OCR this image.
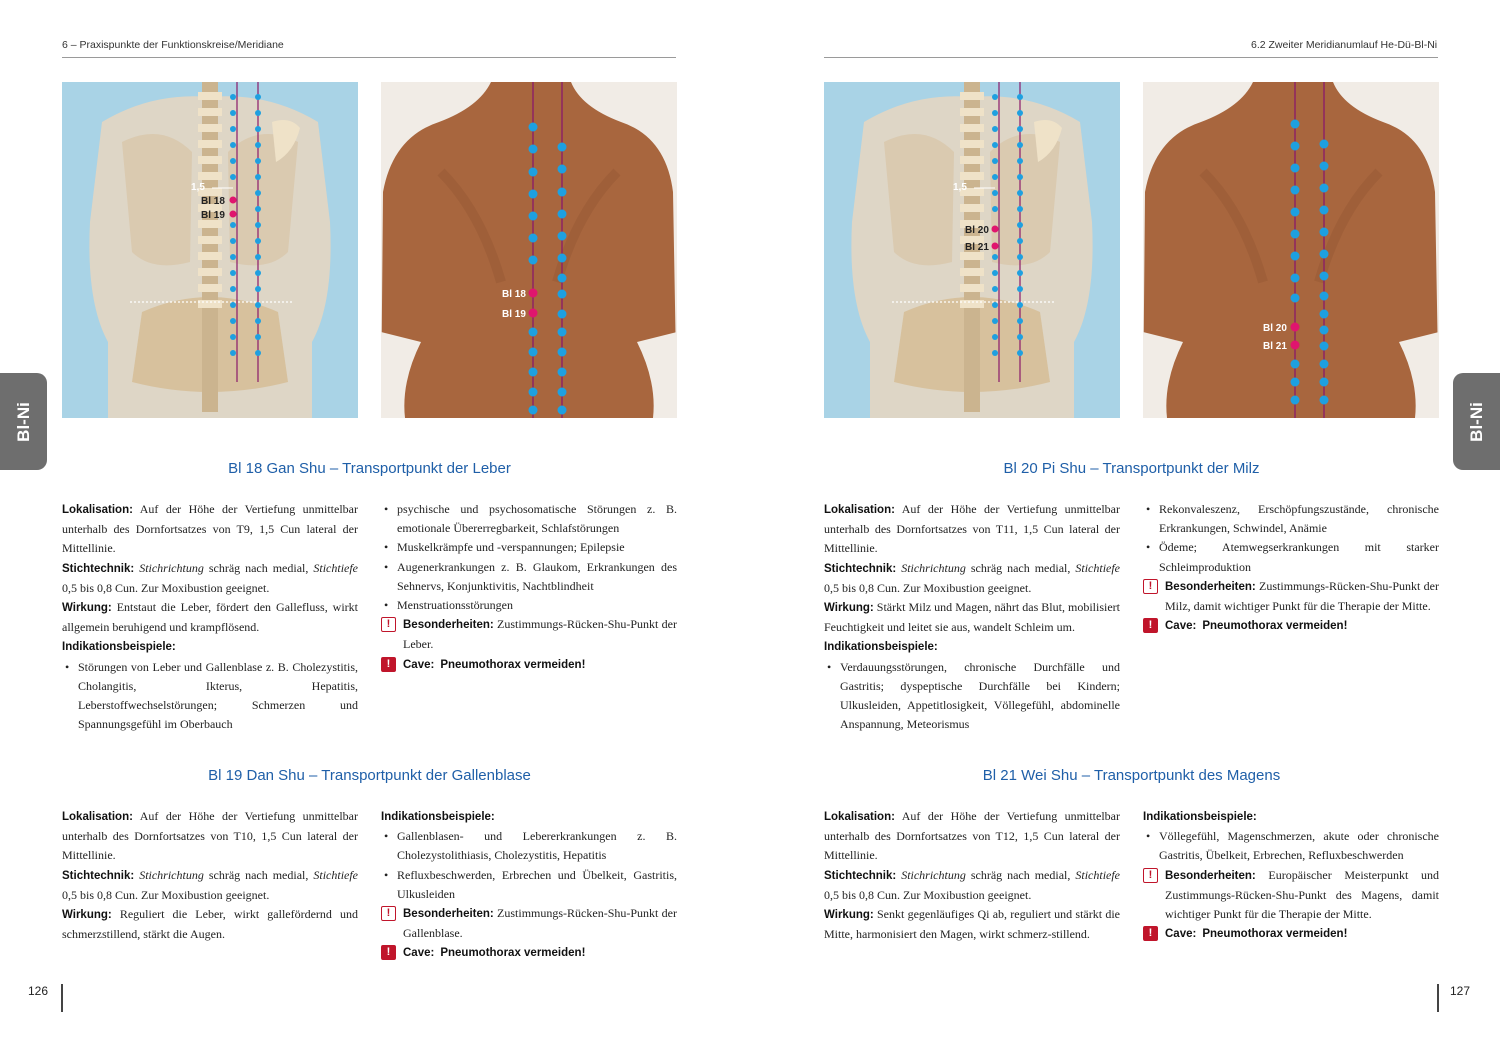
6 – Praxispunkte der Funktionskreise/Meridiane
1,5
Bl 18
Bl 19
Bl 18
Bl 19
Bl 18 Gan Shu – Transportpunkt der Leber

Lokalisation: Auf der Höhe der Vertiefung unmittelbar unterhalb des Dornfortsatzes von T9, 1,5 Cun lateral der Mittellinie.

Stichtechnik: Stichrichtung schräg nach medial, Stichtiefe 0,5 bis 0,8 Cun. Zur Moxibustion geeignet.

Wirkung: Entstaut die Leber, fördert den Gallefluss, wirkt allgemein beruhigend und krampflösend.

Indikationsbeispiele:

• Störungen von Leber und Gallenblase z. B. Cholezystitis, Cholangitis, Ikterus, Hepatitis, Leberstoffwechselstörungen; Schmerzen und Spannungsgefühl im Oberbauch
• psychische und psychosomatische Störungen z. B. emotionale Übererregbarkeit, Schlafstörungen
• Muskelkrämpfe und -verspannungen; Epilepsie
• Augenerkrankungen z. B. Glaukom, Erkrankungen des Sehnervs, Konjunktivitis, Nachtblindheit
• Menstruationsstörungen

!	Besonderheiten: Zustimmungs-Rücken-Shu-Punkt der Leber.

!	Cave: Pneumothorax vermeiden!

Bl 19 Dan Shu – Transportpunkt der Gallenblase

Lokalisation: Auf der Höhe der Vertiefung unmittelbar unterhalb des Dornfortsatzes von T10, 1,5 Cun lateral der Mittellinie.

Stichtechnik: Stichrichtung schräg nach medial, Stichtiefe 0,5 bis 0,8 Cun. Zur Moxibustion geeignet.

Wirkung: Reguliert die Leber, wirkt gallefördernd und schmerzstillend, stärkt die Augen.

Indikationsbeispiele:

• Gallenblasen- und Lebererkrankungen z. B. Cholezystolithiasis, Cholezystitis, Hepatitis
• Refluxbeschwerden, Erbrechen und Übelkeit, Gastritis, Ulkusleiden

!	Besonderheiten: Zustimmungs-Rücken-Shu-Punkt der Gallenblase.

!	Cave: Pneumothorax vermeiden!

126
Bl-Ni
6.2 Zweiter Meridianumlauf He-Dü-Bl-Ni
1,5
Bl 20
Bl 21
Bl 20
Bl 21
Bl 20 Pi Shu – Transportpunkt der Milz

Lokalisation: Auf der Höhe der Vertiefung unmittelbar unterhalb des Dornfortsatzes von T11, 1,5 Cun lateral der Mittellinie.

Stichtechnik: Stichrichtung schräg nach medial, Stichtiefe 0,5 bis 0,8 Cun. Zur Moxibustion geeignet.

Wirkung: Stärkt Milz und Magen, nährt das Blut, mobilisiert Feuchtigkeit und leitet sie aus, wandelt Schleim um.

Indikationsbeispiele:

• Verdauungsstörungen, chronische Durchfälle und Gastritis; dyspeptische Durchfälle bei Kindern; Ulkusleiden, Appetitlosigkeit, Völlegefühl, abdominelle Anspannung, Meteorismus
• Rekonvaleszenz, Erschöpfungszustände, chronische Erkrankungen, Schwindel, Anämie
• Ödeme; Atemwegserkrankungen mit starker Schleimproduktion

!	Besonderheiten: Zustimmungs-Rücken-Shu-Punkt der Milz, damit wichtiger Punkt für die Therapie der Mitte.

!	Cave: Pneumothorax vermeiden!

Bl 21 Wei Shu – Transportpunkt des Magens

Lokalisation: Auf der Höhe der Vertiefung unmittelbar unterhalb des Dornfortsatzes von T12, 1,5 Cun lateral der Mittellinie.

Stichtechnik: Stichrichtung schräg nach medial, Stichtiefe 0,5 bis 0,8 Cun. Zur Moxibustion geeignet.

Wirkung: Senkt gegenläufiges Qi ab, reguliert und stärkt die Mitte, harmonisiert den Magen, wirkt schmerz-stillend.

Indikationsbeispiele:

• Völlegefühl, Magenschmerzen, akute oder chronische Gastritis, Übelkeit, Erbrechen, Refluxbeschwerden

!	Besonderheiten: Europäischer Meisterpunkt und Zustimmungs-Rücken-Shu-Punkt des Magens, damit wichtiger Punkt für die Therapie der Mitte.

!	Cave: Pneumothorax vermeiden!

127
Bl-Ni
